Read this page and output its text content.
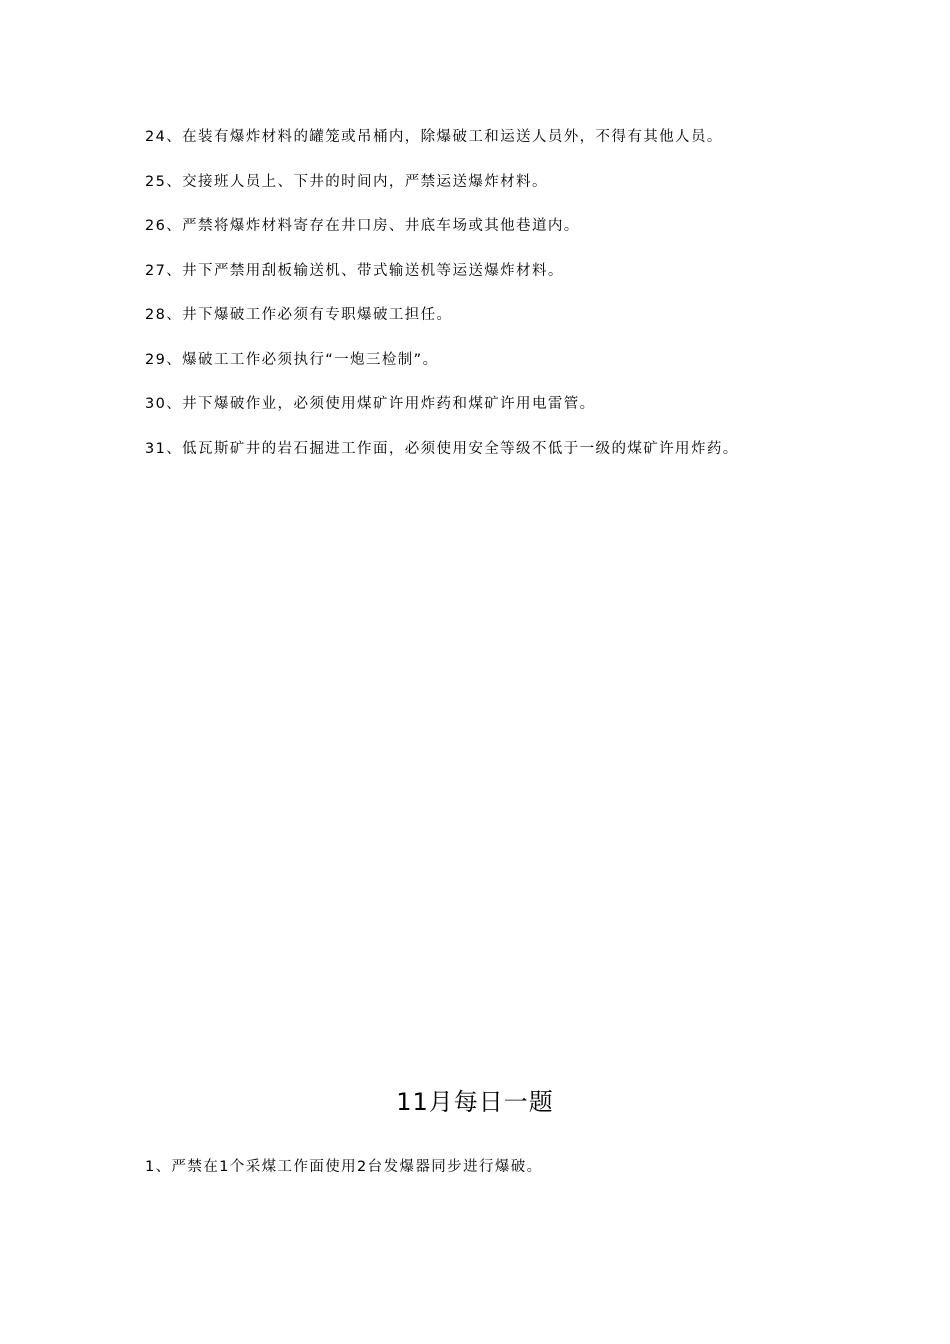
24、在装有爆炸材料的罐笼或吊桶内，除爆破工和运送人员外，不得有其他人员。
25、交接班人员上、下井的时间内，严禁运送爆炸材料。
26、严禁将爆炸材料寄存在井口房、井底车场或其他巷道内。
27、井下严禁用刮板输送机、带式输送机等运送爆炸材料。
28、井下爆破工作必须有专职爆破工担任。
29、爆破工工作必须执行“一炮三检制”。
30、井下爆破作业，必须使用煤矿许用炸药和煤矿许用电雷管。
31、低瓦斯矿井的岩石掘进工作面，必须使用安全等级不低于一级的煤矿许用炸药。
11月每日一题
1、严禁在1个采煤工作面使用2台发爆器同步进行爆破。
